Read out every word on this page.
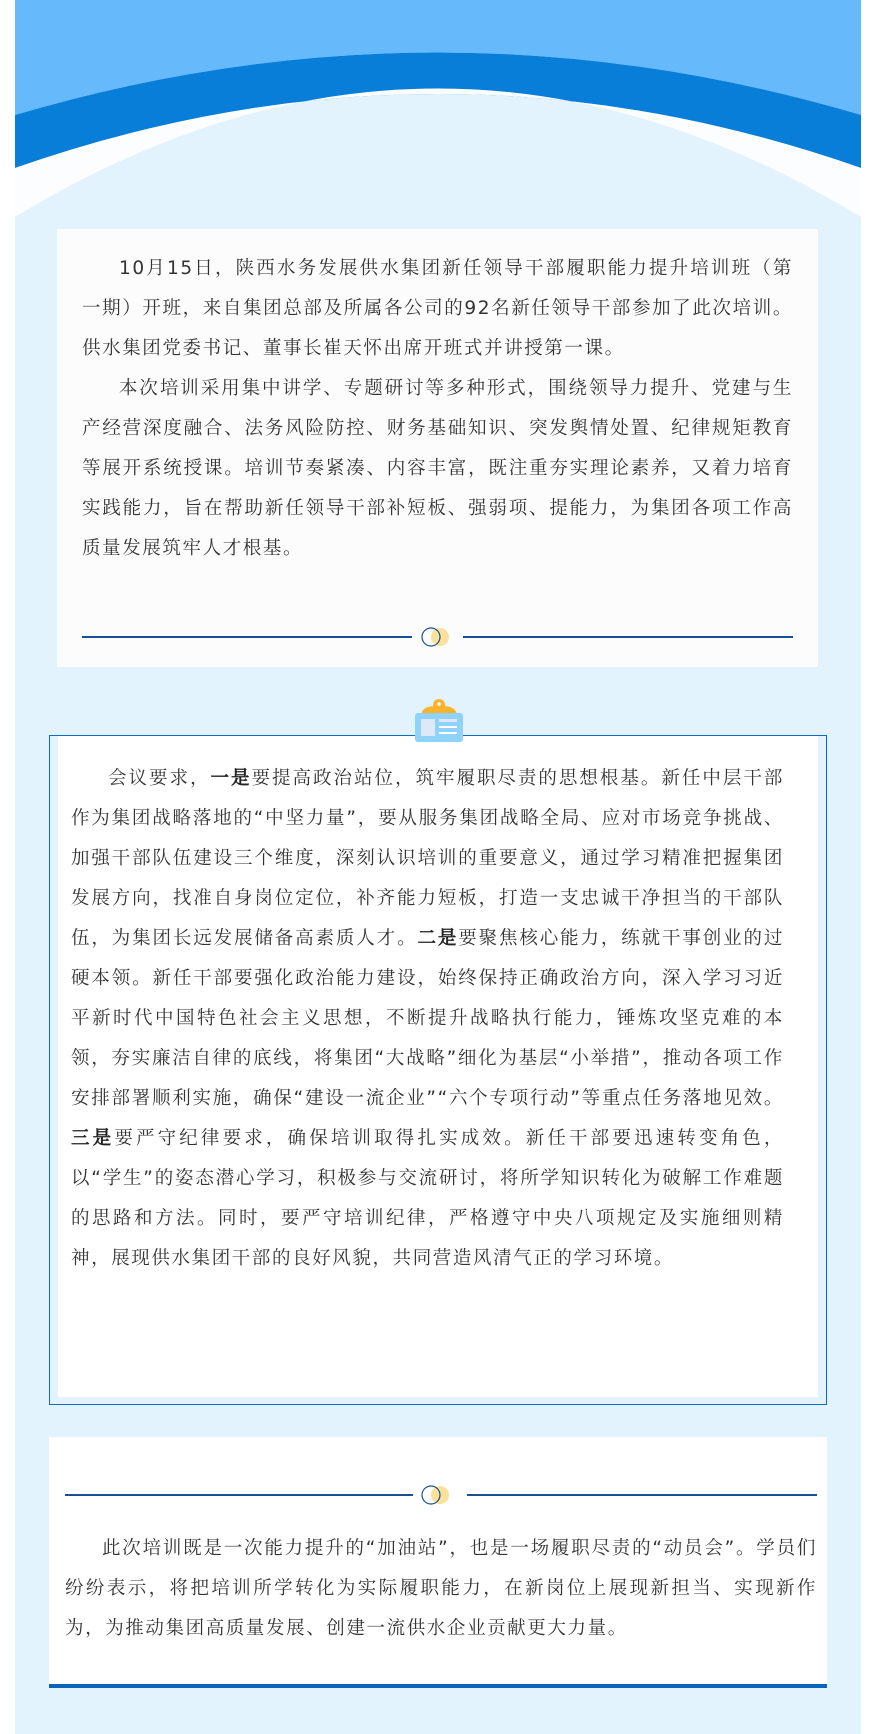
10月15日，陕西水务发展供水集团新任领导干部履职能力提升培训班（第一期）开班，来自集团总部及所属各公司的92名新任领导干部参加了此次培训。供水集团党委书记、董事长崔天怀出席开班式并讲授第一课。

本次培训采用集中讲学、专题研讨等多种形式，围绕领导力提升、党建与生产经营深度融合、法务风险防控、财务基础知识、突发舆情处置、纪律规矩教育等展开系统授课。培训节奏紧凑、内容丰富，既注重夯实理论素养，又着力培育实践能力，旨在帮助新任领导干部补短板、强弱项、提能力，为集团各项工作高质量发展筑牢人才根基。

会议要求，一是要提高政治站位，筑牢履职尽责的思想根基。新任中层干部作为集团战略落地的“中坚力量”，要从服务集团战略全局、应对市场竞争挑战、加强干部队伍建设三个维度，深刻认识培训的重要意义，通过学习精准把握集团发展方向，找准自身岗位定位，补齐能力短板，打造一支忠诚干净担当的干部队伍，为集团长远发展储备高素质人才。二是要聚焦核心能力，练就干事创业的过硬本领。新任干部要强化政治能力建设，始终保持正确政治方向，深入学习习近平新时代中国特色社会主义思想，不断提升战略执行能力，锤炼攻坚克难的本领，夯实廉洁自律的底线，将集团“大战略”细化为基层“小举措”，推动各项工作安排部署顺利实施，确保“建设一流企业”“六个专项行动”等重点任务落地见效。三是要严守纪律要求，确保培训取得扎实成效。新任干部要迅速转变角色，以“学生”的姿态潜心学习，积极参与交流研讨，将所学知识转化为破解工作难题的思路和方法。同时，要严守培训纪律，严格遵守中央八项规定及实施细则精神，展现供水集团干部的良好风貌，共同营造风清气正的学习环境。

此次培训既是一次能力提升的“加油站”，也是一场履职尽责的“动员会”。学员们纷纷表示，将把培训所学转化为实际履职能力，在新岗位上展现新担当、实现新作为，为推动集团高质量发展、创建一流供水企业贡献更大力量。
